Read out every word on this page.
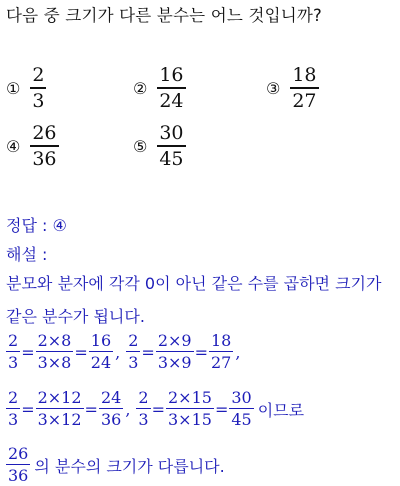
다음 중 크기가 다른 분수는 어느 것입니까?
① $\frac{2}{3}$	② $\frac{16}{24}$	③ $\frac{18}{27}$
④ $\frac{26}{36}$	⑤ $\frac{30}{45}$
정답 : ④
해설 :
분모와 분자에 각각 0이 아닌 같은 수를 곱하면 크기가
같은 분수가 됩니다.
$\frac{2}{3} = \frac{2\times 8}{3\times 8} = \frac{16}{24}$ , $\frac{2}{3} = \frac{2\times 9}{3\times 9} = \frac{18}{27}$ ,
$\frac{2}{3} = \frac{2\times 12}{3\times 12} = \frac{24}{36}$ , $\frac{2}{3} = \frac{2\times 15}{3\times 15} = \frac{30}{45}$ 이므로
$\frac{26}{36}$ 의 분수의 크기가 다릅니다.
